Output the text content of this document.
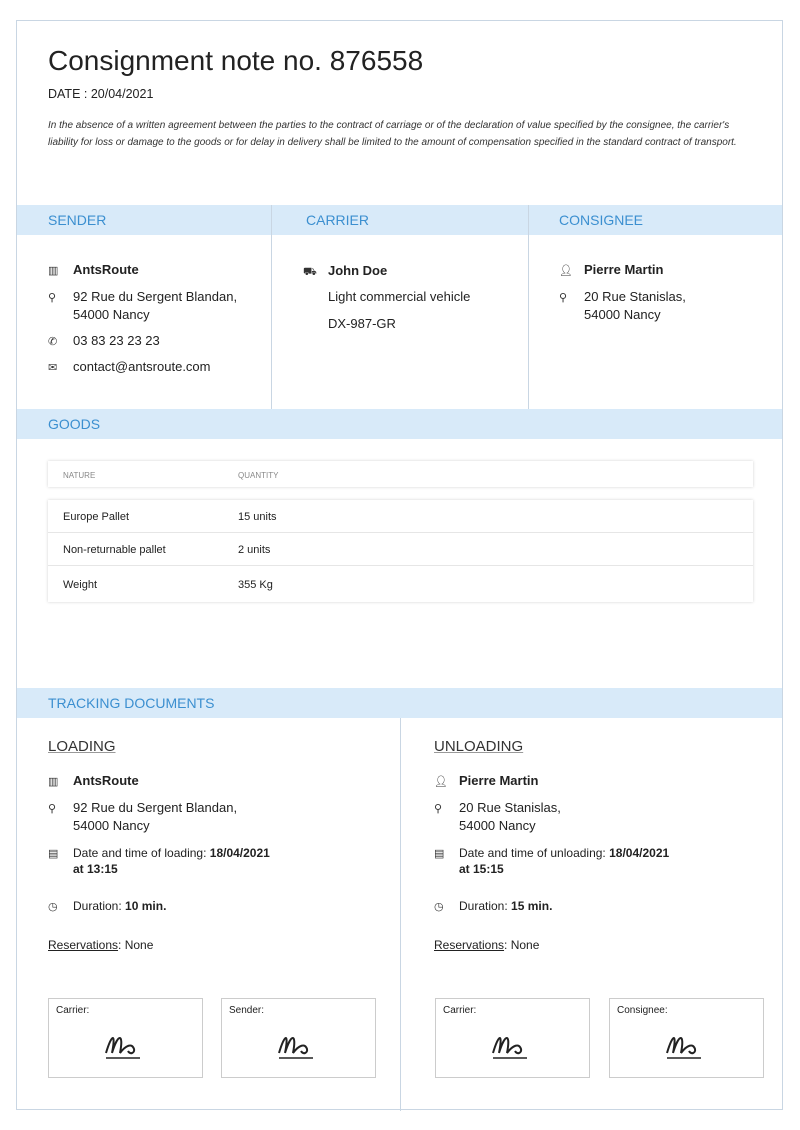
Consignment note no. 876558
DATE : 20/04/2021
In the absence of a written agreement between the parties to the contract of carriage or of the declaration of value specified by the consignee, the carrier's liability for loss or damage to the goods or for delay in delivery shall be limited to the amount of compensation specified in the standard contract of transport.
SENDER	CARRIER	CONSIGNEE
▥	AntsRoute
⚲	92 Rue du Sergent Blandan,
54000 Nancy
✆	03 83 23 23 23
✉	contact@antsroute.com
⛟ John Doe
Light commercial vehicle
DX-987-GR
👤︎ Pierre Martin
⚲	20 Rue Stanislas,
54000 Nancy
GOODS
NATURE	QUANTITY
Europe Pallet	15 units
Non-returnable pallet	2 units
Weight	355 Kg
TRACKING DOCUMENTS
LOADING
▥	AntsRoute
⚲	92 Rue du Sergent Blandan,
54000 Nancy
▤	Date and time of loading: 18/04/2021
at 13:15
◷	Duration: 10 min.
Reservations: None
Carrier:	Sender:
UNLOADING
👤︎ Pierre Martin
⚲	20 Rue Stanislas,
54000 Nancy
▤	Date and time of unloading: 18/04/2021
at 15:15
◷	Duration: 15 min.
Reservations: None
Carrier:	Consignee:
